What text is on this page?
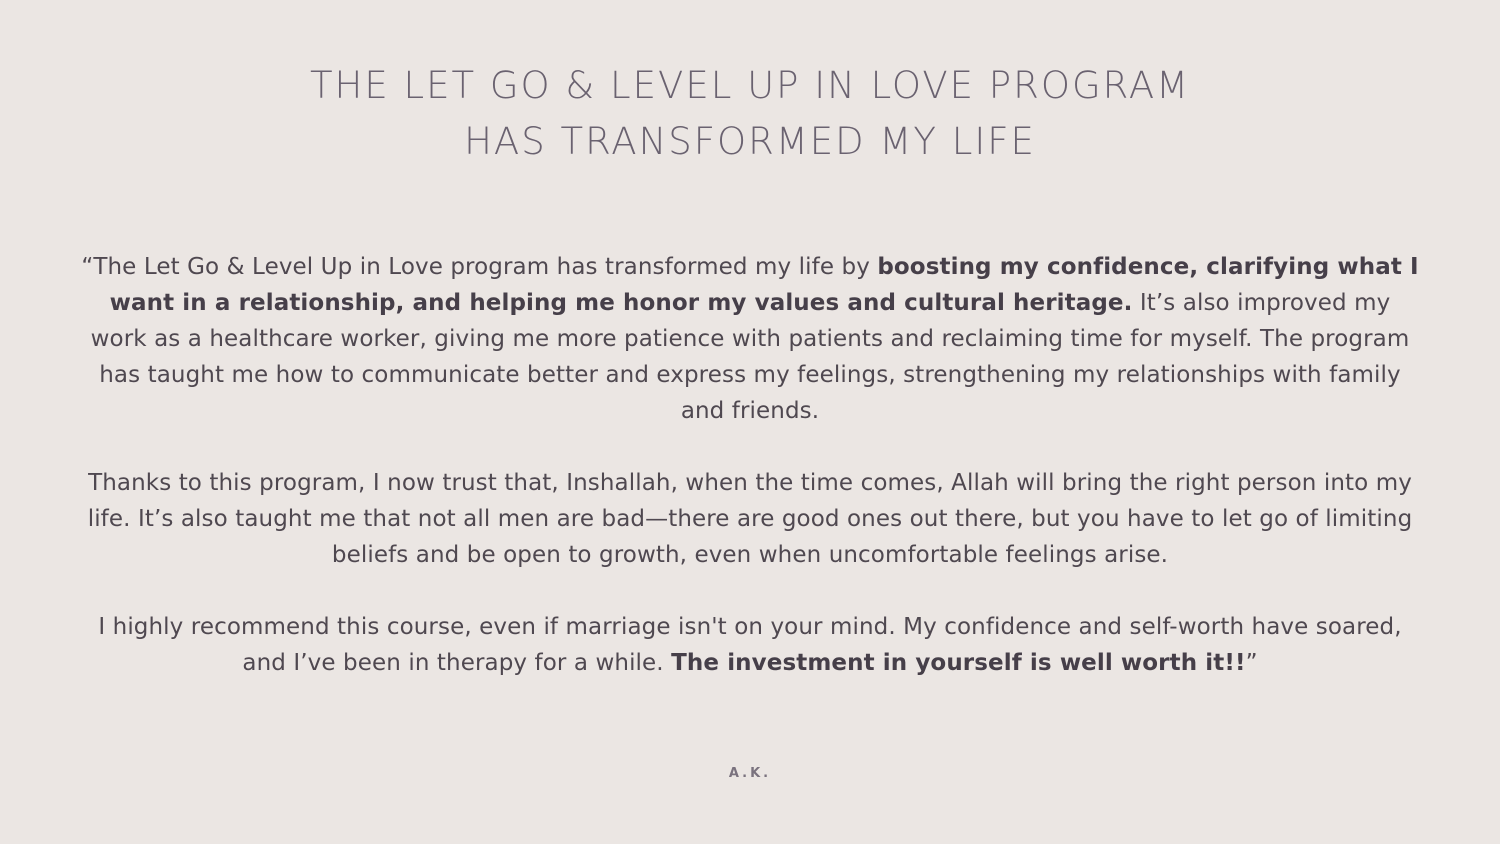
THE LET GO & LEVEL UP IN LOVE PROGRAM
HAS TRANSFORMED MY LIFE

“The Let Go & Level Up in Love program has transformed my life by boosting my confidence, clarifying what I want in a relationship, and helping me honor my values and cultural heritage. It’s also improved my work as a healthcare worker, giving me more patience with patients and reclaiming time for myself. The program has taught me how to communicate better and express my feelings, strengthening my relationships with family and friends.

Thanks to this program, I now trust that, Inshallah, when the time comes, Allah will bring the right person into my life. It’s also taught me that not all men are bad—there are good ones out there, but you have to let go of limiting beliefs and be open to growth, even when uncomfortable feelings arise.

I highly recommend this course, even if marriage isn't on your mind. My confidence and self-worth have soared, and I’ve been in therapy for a while. The investment in yourself is well worth it!!”

A.K.
